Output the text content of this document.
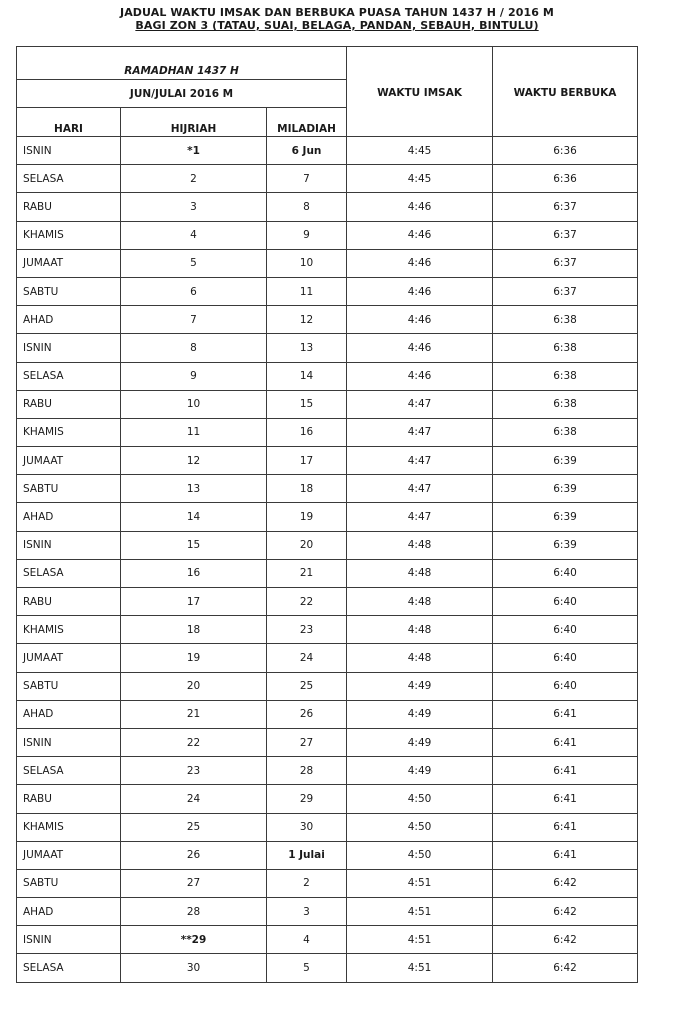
JADUAL WAKTU IMSAK DAN BERBUKA PUASA TAHUN 1437 H / 2016 M
BAGI ZON 3 (TATAU, SUAI, BELAGA, PANDAN, SEBAUH, BINTULU)
RAMADHAN 1437 H			WAKTU IMSAK	WAKTU BERBUKA
JUN/JULAI 2016 M				
HARI	HIJRIAH	MILADIAH		
ISNIN	*1	6 Jun	4:45	6:36
SELASA	2	7	4:45	6:36
RABU	3	8	4:46	6:37
KHAMIS	4	9	4:46	6:37
JUMAAT	5	10	4:46	6:37
SABTU	6	11	4:46	6:37
AHAD	7	12	4:46	6:38
ISNIN	8	13	4:46	6:38
SELASA	9	14	4:46	6:38
RABU	10	15	4:47	6:38
KHAMIS	11	16	4:47	6:38
JUMAAT	12	17	4:47	6:39
SABTU	13	18	4:47	6:39
AHAD	14	19	4:47	6:39
ISNIN	15	20	4:48	6:39
SELASA	16	21	4:48	6:40
RABU	17	22	4:48	6:40
KHAMIS	18	23	4:48	6:40
JUMAAT	19	24	4:48	6:40
SABTU	20	25	4:49	6:40
AHAD	21	26	4:49	6:41
ISNIN	22	27	4:49	6:41
SELASA	23	28	4:49	6:41
RABU	24	29	4:50	6:41
KHAMIS	25	30	4:50	6:41
JUMAAT	26	1 Julai	4:50	6:41
SABTU	27	2	4:51	6:42
AHAD	28	3	4:51	6:42
ISNIN	**29	4	4:51	6:42
SELASA	30	5	4:51	6:42
